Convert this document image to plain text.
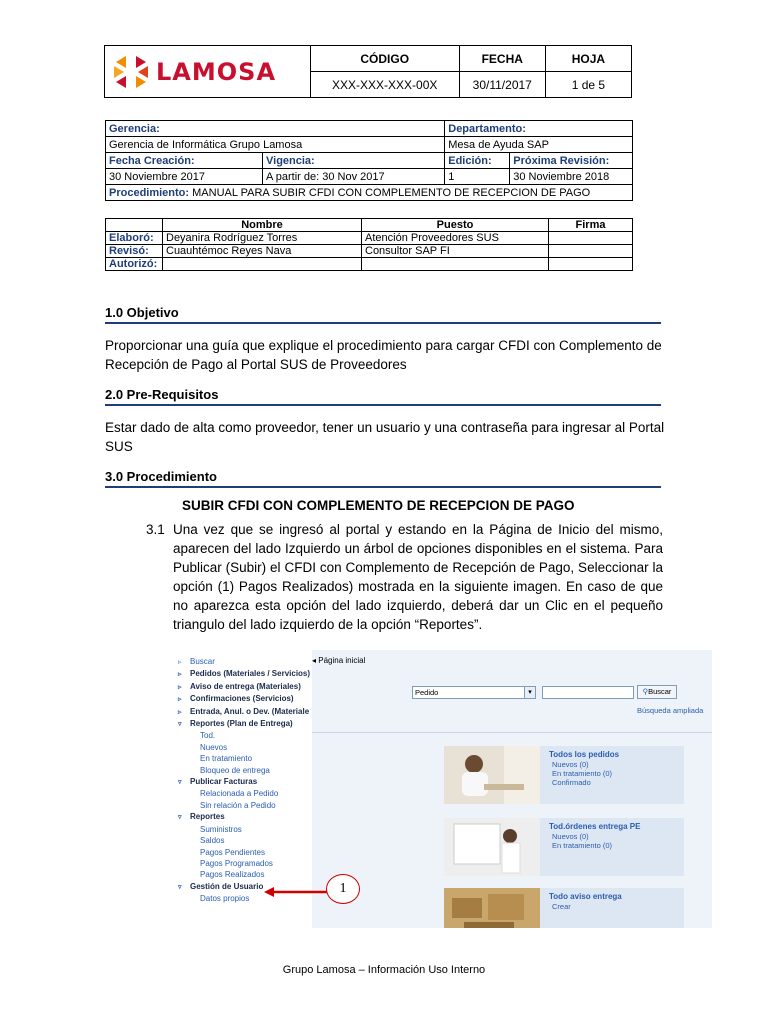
LAMOSA	CÓDIGO	FECHA	HOJA
	XXX-XXX-XXX-00X	30/11/2017	1 de 5
Gerencia:		Departamento:	
Gerencia de Informática Grupo Lamosa		Mesa de Ayuda SAP	
Fecha Creación:	Vigencia:	Edición:	Próxima Revisión:
30 Noviembre 2017	A partir de: 30 Nov 2017	1	30 Noviembre 2018
Procedimiento: MANUAL PARA SUBIR CFDI CON COMPLEMENTO DE RECEPCION DE PAGO			
	Nombre	Puesto	Firma
Elaboró:	Deyanira Rodríguez Torres	Atención Proveedores SUS	
Revisó:	Cuauhtémoc Reyes Nava	Consultor SAP FI	
Autorizó:			
1.0 Objetivo
Proporcionar una guía que explique el procedimiento para cargar CFDI con Complemento de Recepción de Pago al Portal SUS de Proveedores
2.0 Pre-Requisitos
Estar dado de alta como proveedor, tener un usuario y una contraseña para ingresar al Portal SUS
3.0 Procedimiento
SUBIR CFDI CON COMPLEMENTO DE RECEPCION DE PAGO
3.1 Una vez que se ingresó al portal y estando en la Página de Inicio del mismo, aparecen del lado Izquierdo un árbol de opciones disponibles en el sistema. Para Publicar (Subir) el CFDI con Complemento de Recepción de Pago, Seleccionar la opción (1) Pagos Realizados) mostrada en la siguiente imagen. En caso de que no aparezca esta opción del lado izquierdo, deberá dar un Clic en el pequeño triangulo del lado izquierdo de la opción “Reportes”.
▹ Buscar
▹ Pedidos (Materiales / Servicios)
▹ Aviso de entrega (Materiales)
▹ Confirmaciones (Servicios)
▹ Entrada, Anul. o Dev. (Materiale
▿ Reportes (Plan de Entrega)
Tod.
Nuevos
En tratamiento
Bloqueo de entrega
▿ Publicar Facturas
Relacionada a Pedido
Sin relación a Pedido
▿ Reportes
Suministros
Saldos
Pagos Pendientes
Pagos Programados
Pagos Realizados
▿ Gestión de Usuario
Datos propios
◂ Página inicial
Pedido	▾	⚲Buscar
Búsqueda ampliada
Todos los pedidos
Nuevos (0)
En tratamiento (0)
Confirmado
Tod.órdenes entrega PE
Nuevos (0)
En tratamiento (0)
Todo aviso entrega
Crear
1
Grupo Lamosa – Información Uso Interno
